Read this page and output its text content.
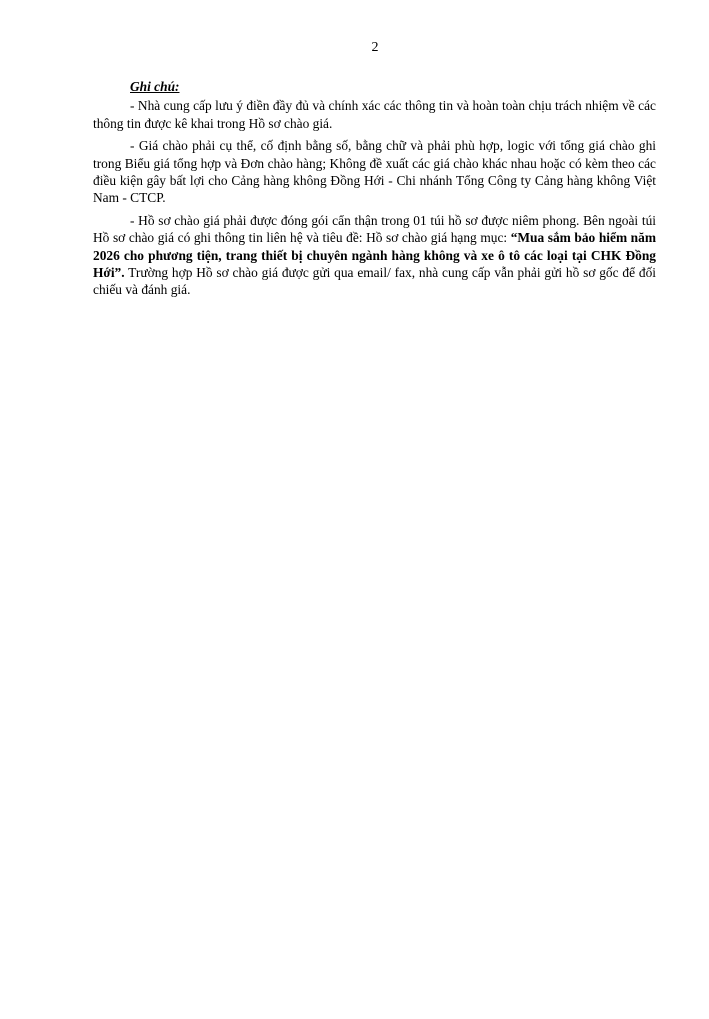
2
Ghi chú:

- Nhà cung cấp lưu ý điền đầy đủ và chính xác các thông tin và hoàn toàn chịu trách nhiệm về các thông tin được kê khai trong Hồ sơ chào giá.

- Giá chào phải cụ thể, cố định bằng số, bằng chữ và phải phù hợp, logic với tổng giá chào ghi trong Biểu giá tổng hợp và Đơn chào hàng; Không đề xuất các giá chào khác nhau hoặc có kèm theo các điều kiện gây bất lợi cho Cảng hàng không Đồng Hới - Chi nhánh Tổng Công ty Cảng hàng không Việt Nam - CTCP.

- Hồ sơ chào giá phải được đóng gói cẩn thận trong 01 túi hồ sơ được niêm phong. Bên ngoài túi Hồ sơ chào giá có ghi thông tin liên hệ và tiêu đề: Hồ sơ chào giá hạng mục: “Mua sắm bảo hiểm năm 2026 cho phương tiện, trang thiết bị chuyên ngành hàng không và xe ô tô các loại tại CHK Đồng Hới”. Trường hợp Hồ sơ chào giá được gửi qua email/ fax, nhà cung cấp vẫn phải gửi hồ sơ gốc để đối chiếu và đánh giá.
